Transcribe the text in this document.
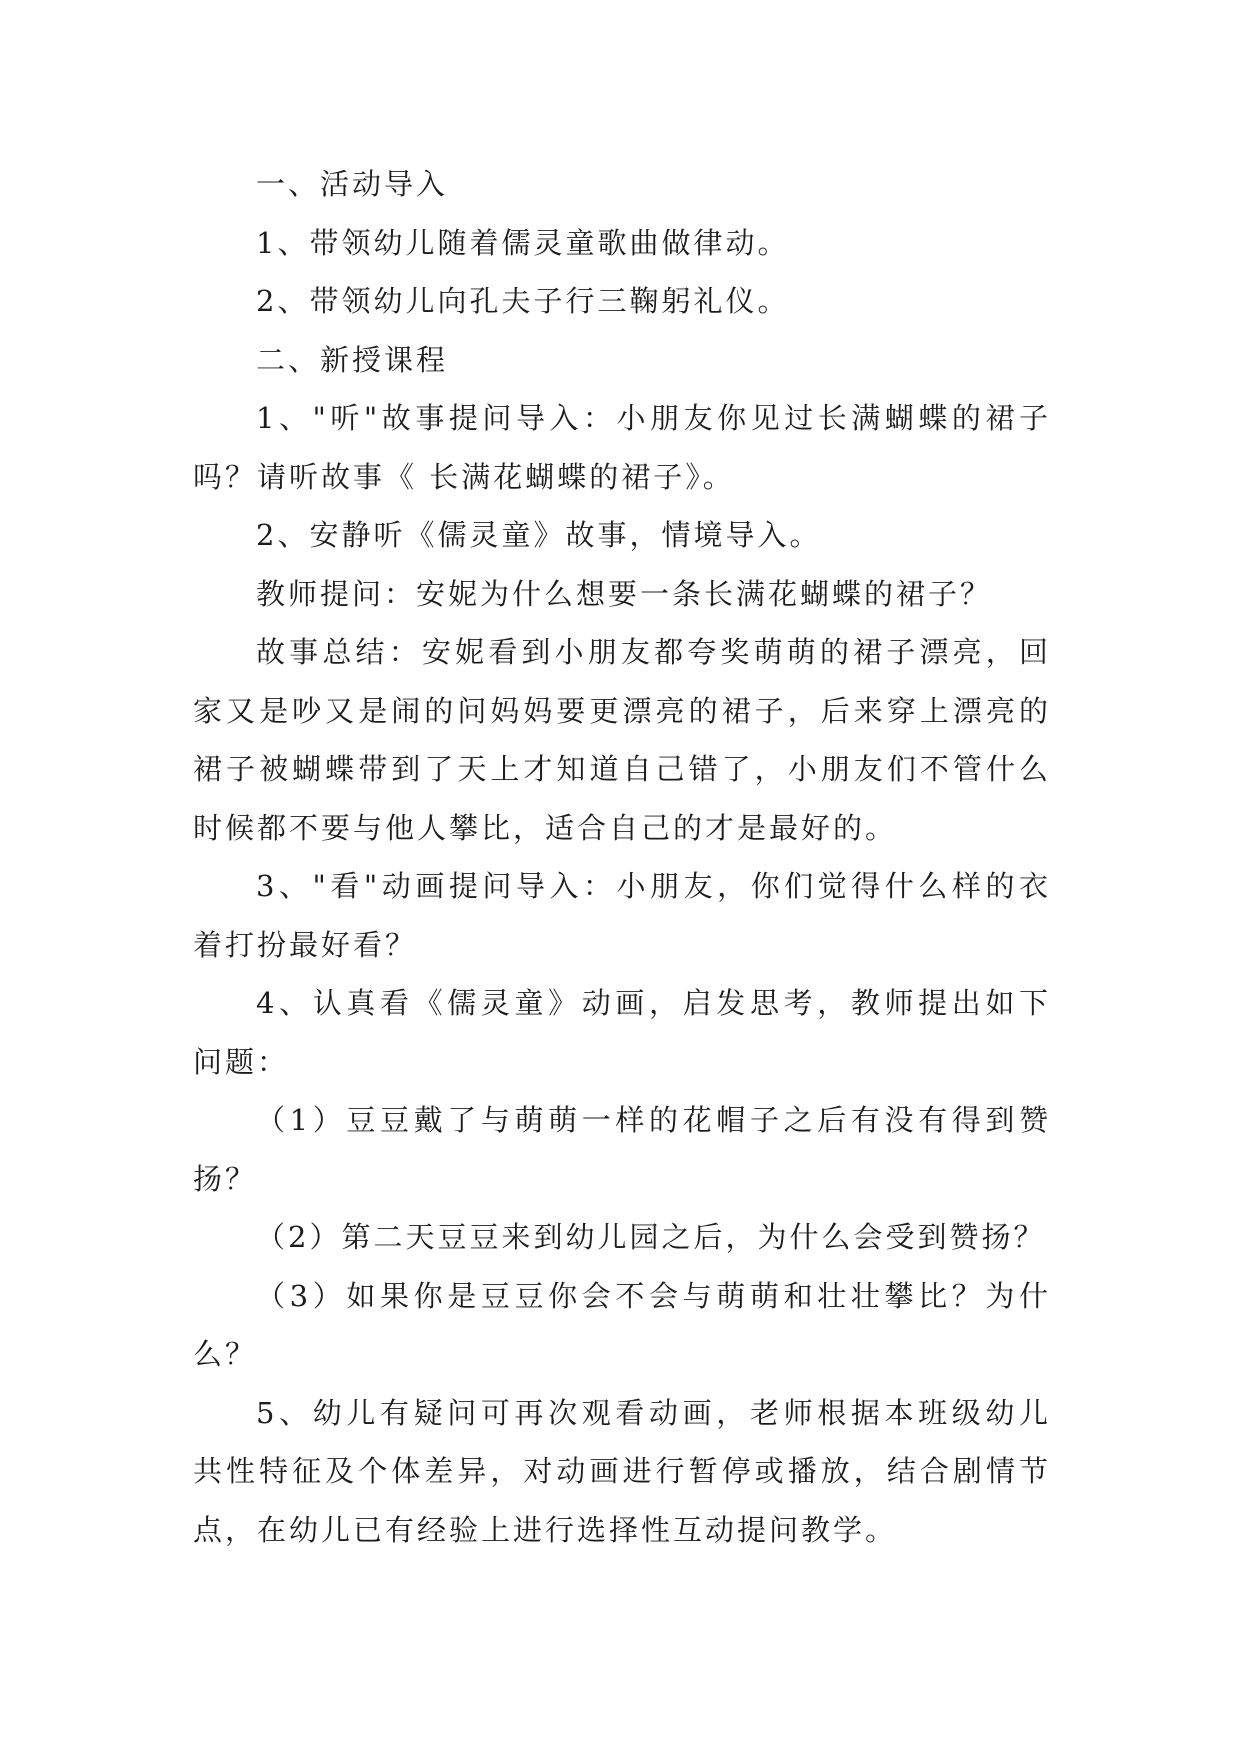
一、活动导入
1、带领幼儿随着儒灵童歌曲做律动。
2、带领幼儿向孔夫子行三鞠躬礼仪。
二、新授课程
1、"听"故事提问导入：小朋友你见过长满蝴蝶的裙子
吗？请听故事《 长满花蝴蝶的裙子》。
2、安静听《儒灵童》故事，情境导入。
教师提问：安妮为什么想要一条长满花蝴蝶的裙子？
故事总结：安妮看到小朋友都夸奖萌萌的裙子漂亮，回
家又是吵又是闹的问妈妈要更漂亮的裙子，后来穿上漂亮的
裙子被蝴蝶带到了天上才知道自己错了，小朋友们不管什么
时候都不要与他人攀比，适合自己的才是最好的。
3、"看"动画提问导入：小朋友，你们觉得什么样的衣
着打扮最好看？
4、认真看《儒灵童》动画，启发思考，教师提出如下
问题：
（1）豆豆戴了与萌萌一样的花帽子之后有没有得到赞
扬？
（2）第二天豆豆来到幼儿园之后，为什么会受到赞扬？
（3）如果你是豆豆你会不会与萌萌和壮壮攀比？为什
么？
5、幼儿有疑问可再次观看动画，老师根据本班级幼儿
共性特征及个体差异，对动画进行暂停或播放，结合剧情节
点，在幼儿已有经验上进行选择性互动提问教学。
